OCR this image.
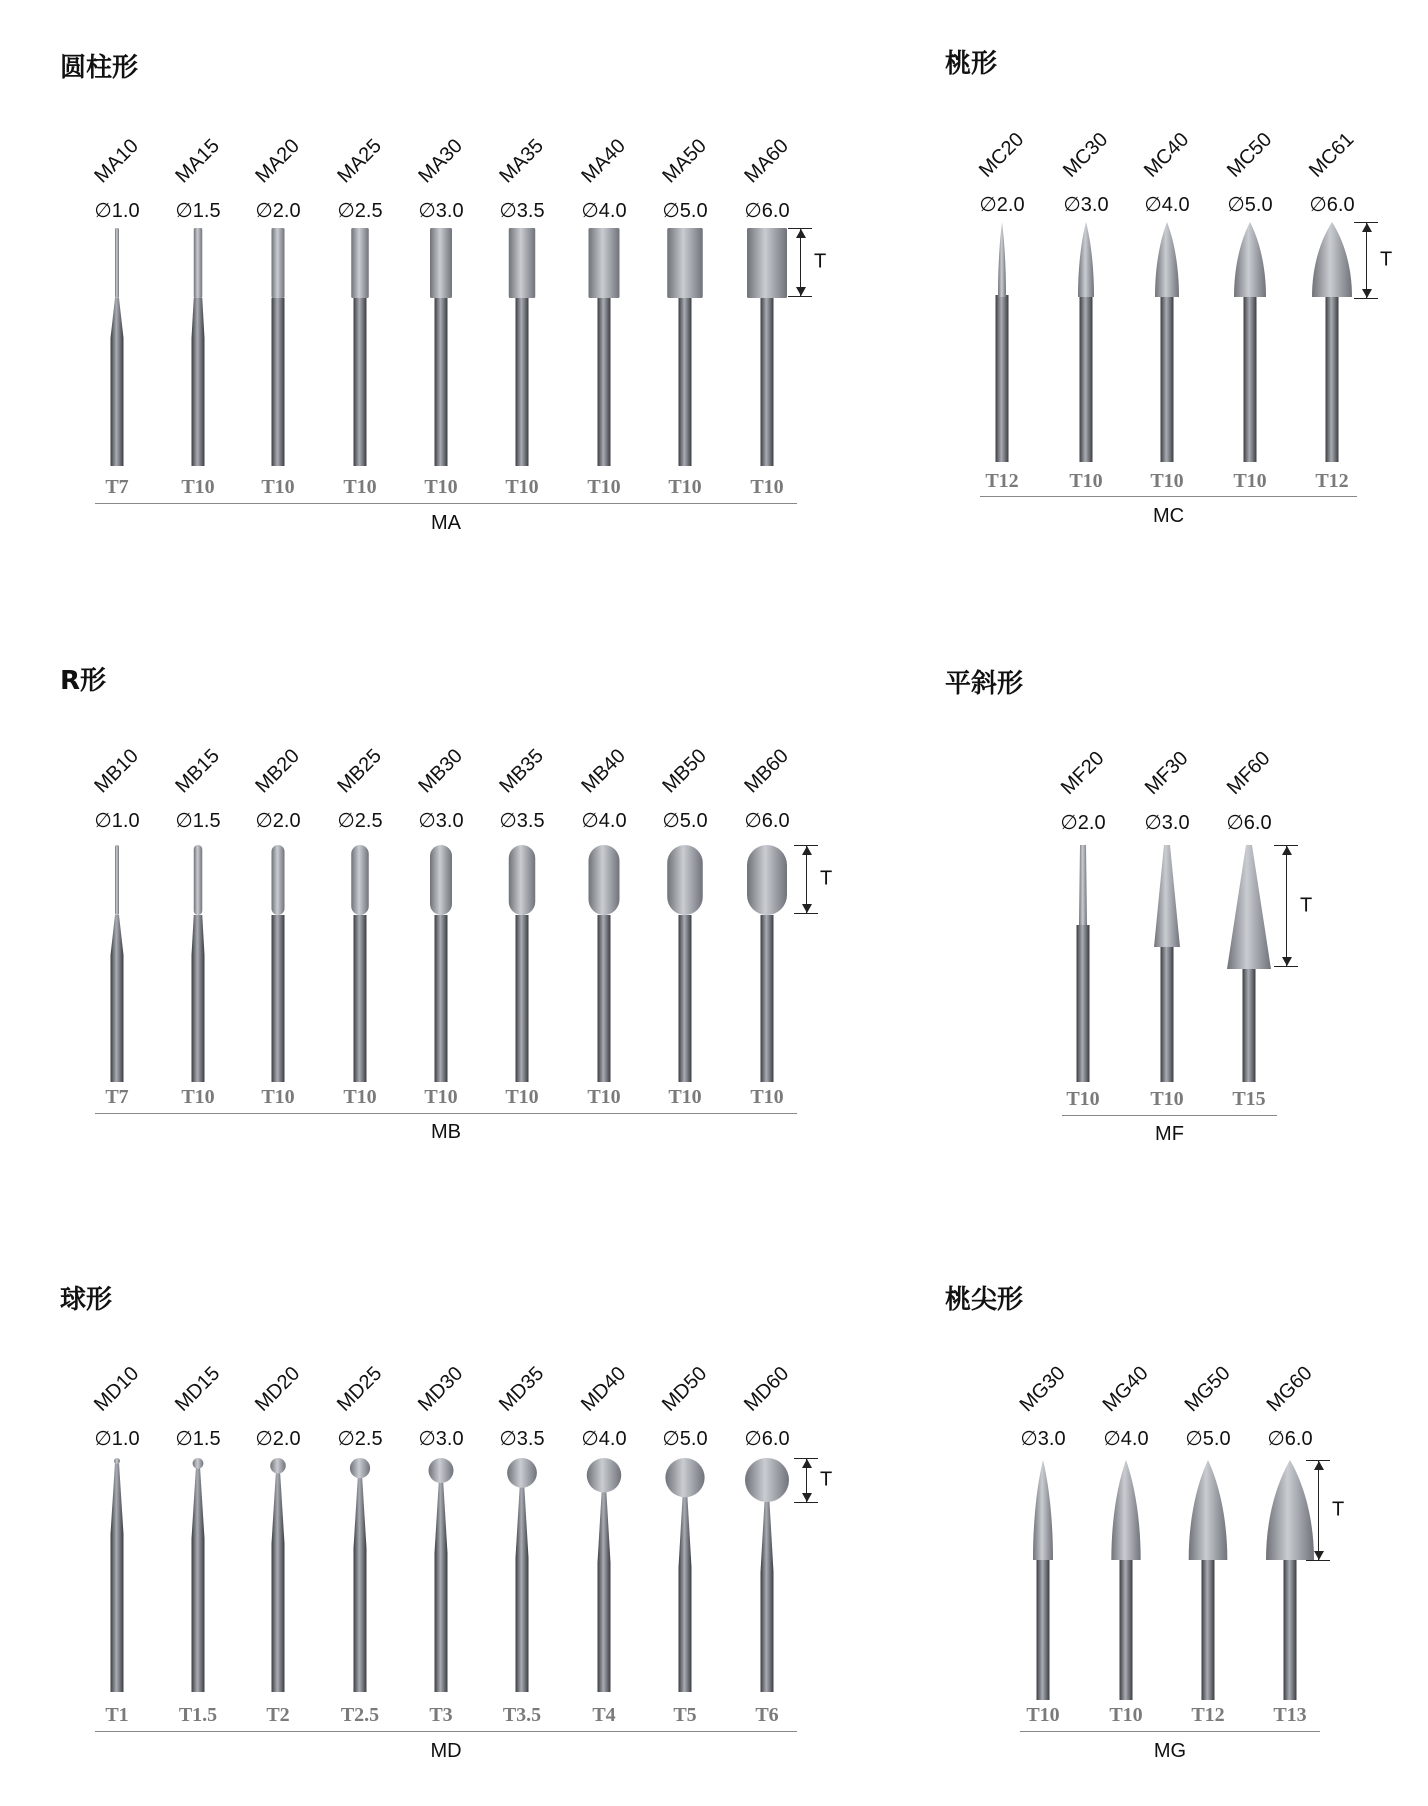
圆柱形
MA10
∅1.0
T7
MA15
∅1.5
T10
MA20
∅2.0
T10
MA25
∅2.5
T10
MA30
∅3.0
T10
MA35
∅3.5
T10
MA40
∅4.0
T10
MA50
∅5.0
T10
MA60
∅6.0
T10
MA
T
桃形
MC20
∅2.0
T12
MC30
∅3.0
T10
MC40
∅4.0
T10
MC50
∅5.0
T10
MC61
∅6.0
T12
MC
T
R形
MB10
∅1.0
T7
MB15
∅1.5
T10
MB20
∅2.0
T10
MB25
∅2.5
T10
MB30
∅3.0
T10
MB35
∅3.5
T10
MB40
∅4.0
T10
MB50
∅5.0
T10
MB60
∅6.0
T10
MB
T
平斜形
MF20
∅2.0
T10
MF30
∅3.0
T10
MF60
∅6.0
T15
MF
T
球形
MD10
∅1.0
T1
MD15
∅1.5
T1.5
MD20
∅2.0
T2
MD25
∅2.5
T2.5
MD30
∅3.0
T3
MD35
∅3.5
T3.5
MD40
∅4.0
T4
MD50
∅5.0
T5
MD60
∅6.0
T6
MD
T
桃尖形
MG30
∅3.0
T10
MG40
∅4.0
T10
MG50
∅5.0
T12
MG60
∅6.0
T13
MG
T
